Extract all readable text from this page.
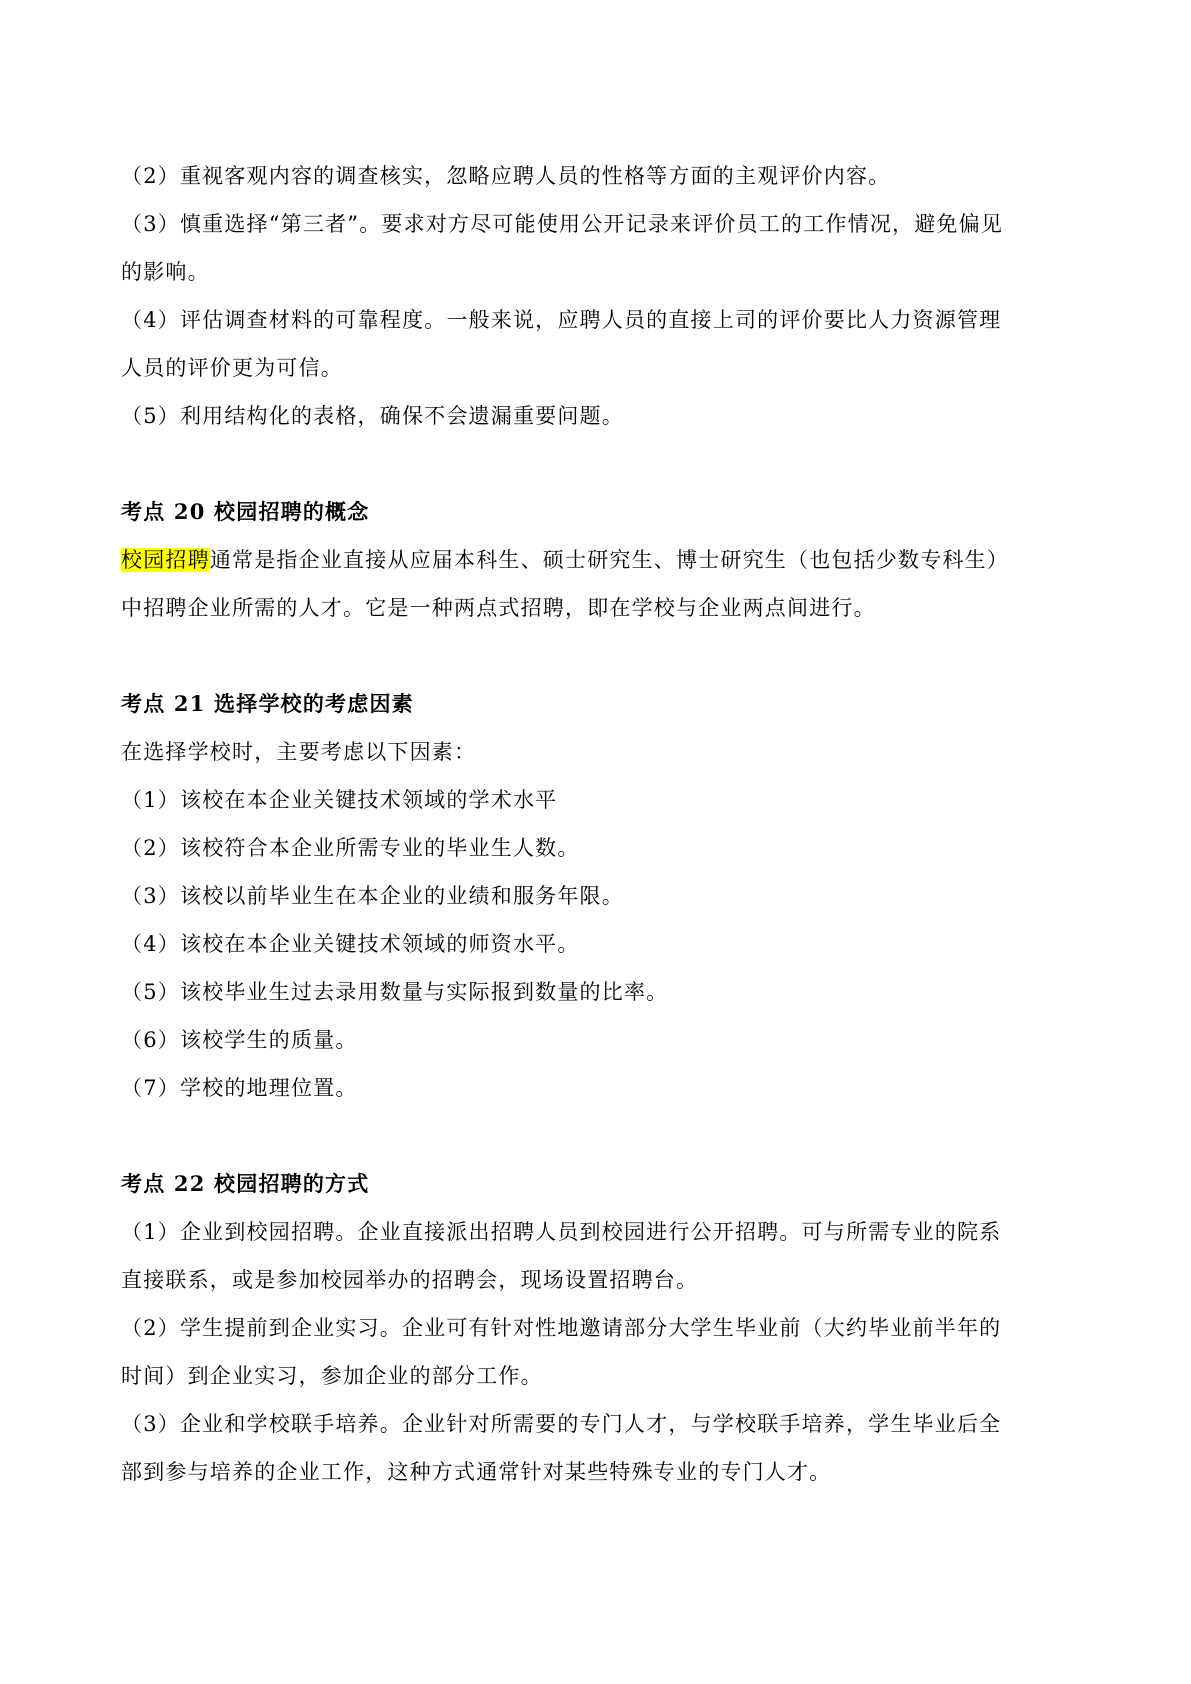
（2）重视客观内容的调查核实，忽略应聘人员的性格等方面的主观评价内容。
（3）慎重选择“第三者”。要求对方尽可能使用公开记录来评价员工的工作情况，避免偏见
的影响。
（4）评估调查材料的可靠程度。一般来说，应聘人员的直接上司的评价要比人力资源管理
人员的评价更为可信。
（5）利用结构化的表格，确保不会遗漏重要问题。
考点 20 校园招聘的概念
校园招聘通常是指企业直接从应届本科生、硕士研究生、博士研究生（也包括少数专科生）
中招聘企业所需的人才。它是一种两点式招聘，即在学校与企业两点间进行。
考点 21 选择学校的考虑因素
在选择学校时，主要考虑以下因素：
（1）该校在本企业关键技术领域的学术水平
（2）该校符合本企业所需专业的毕业生人数。
（3）该校以前毕业生在本企业的业绩和服务年限。
（4）该校在本企业关键技术领域的师资水平。
（5）该校毕业生过去录用数量与实际报到数量的比率。
（6）该校学生的质量。
（7）学校的地理位置。
考点 22 校园招聘的方式
（1）企业到校园招聘。企业直接派出招聘人员到校园进行公开招聘。可与所需专业的院系
直接联系，或是参加校园举办的招聘会，现场设置招聘台。
（2）学生提前到企业实习。企业可有针对性地邀请部分大学生毕业前（大约毕业前半年的
时间）到企业实习，参加企业的部分工作。
（3）企业和学校联手培养。企业针对所需要的专门人才，与学校联手培养，学生毕业后全
部到参与培养的企业工作，这种方式通常针对某些特殊专业的专门人才。
